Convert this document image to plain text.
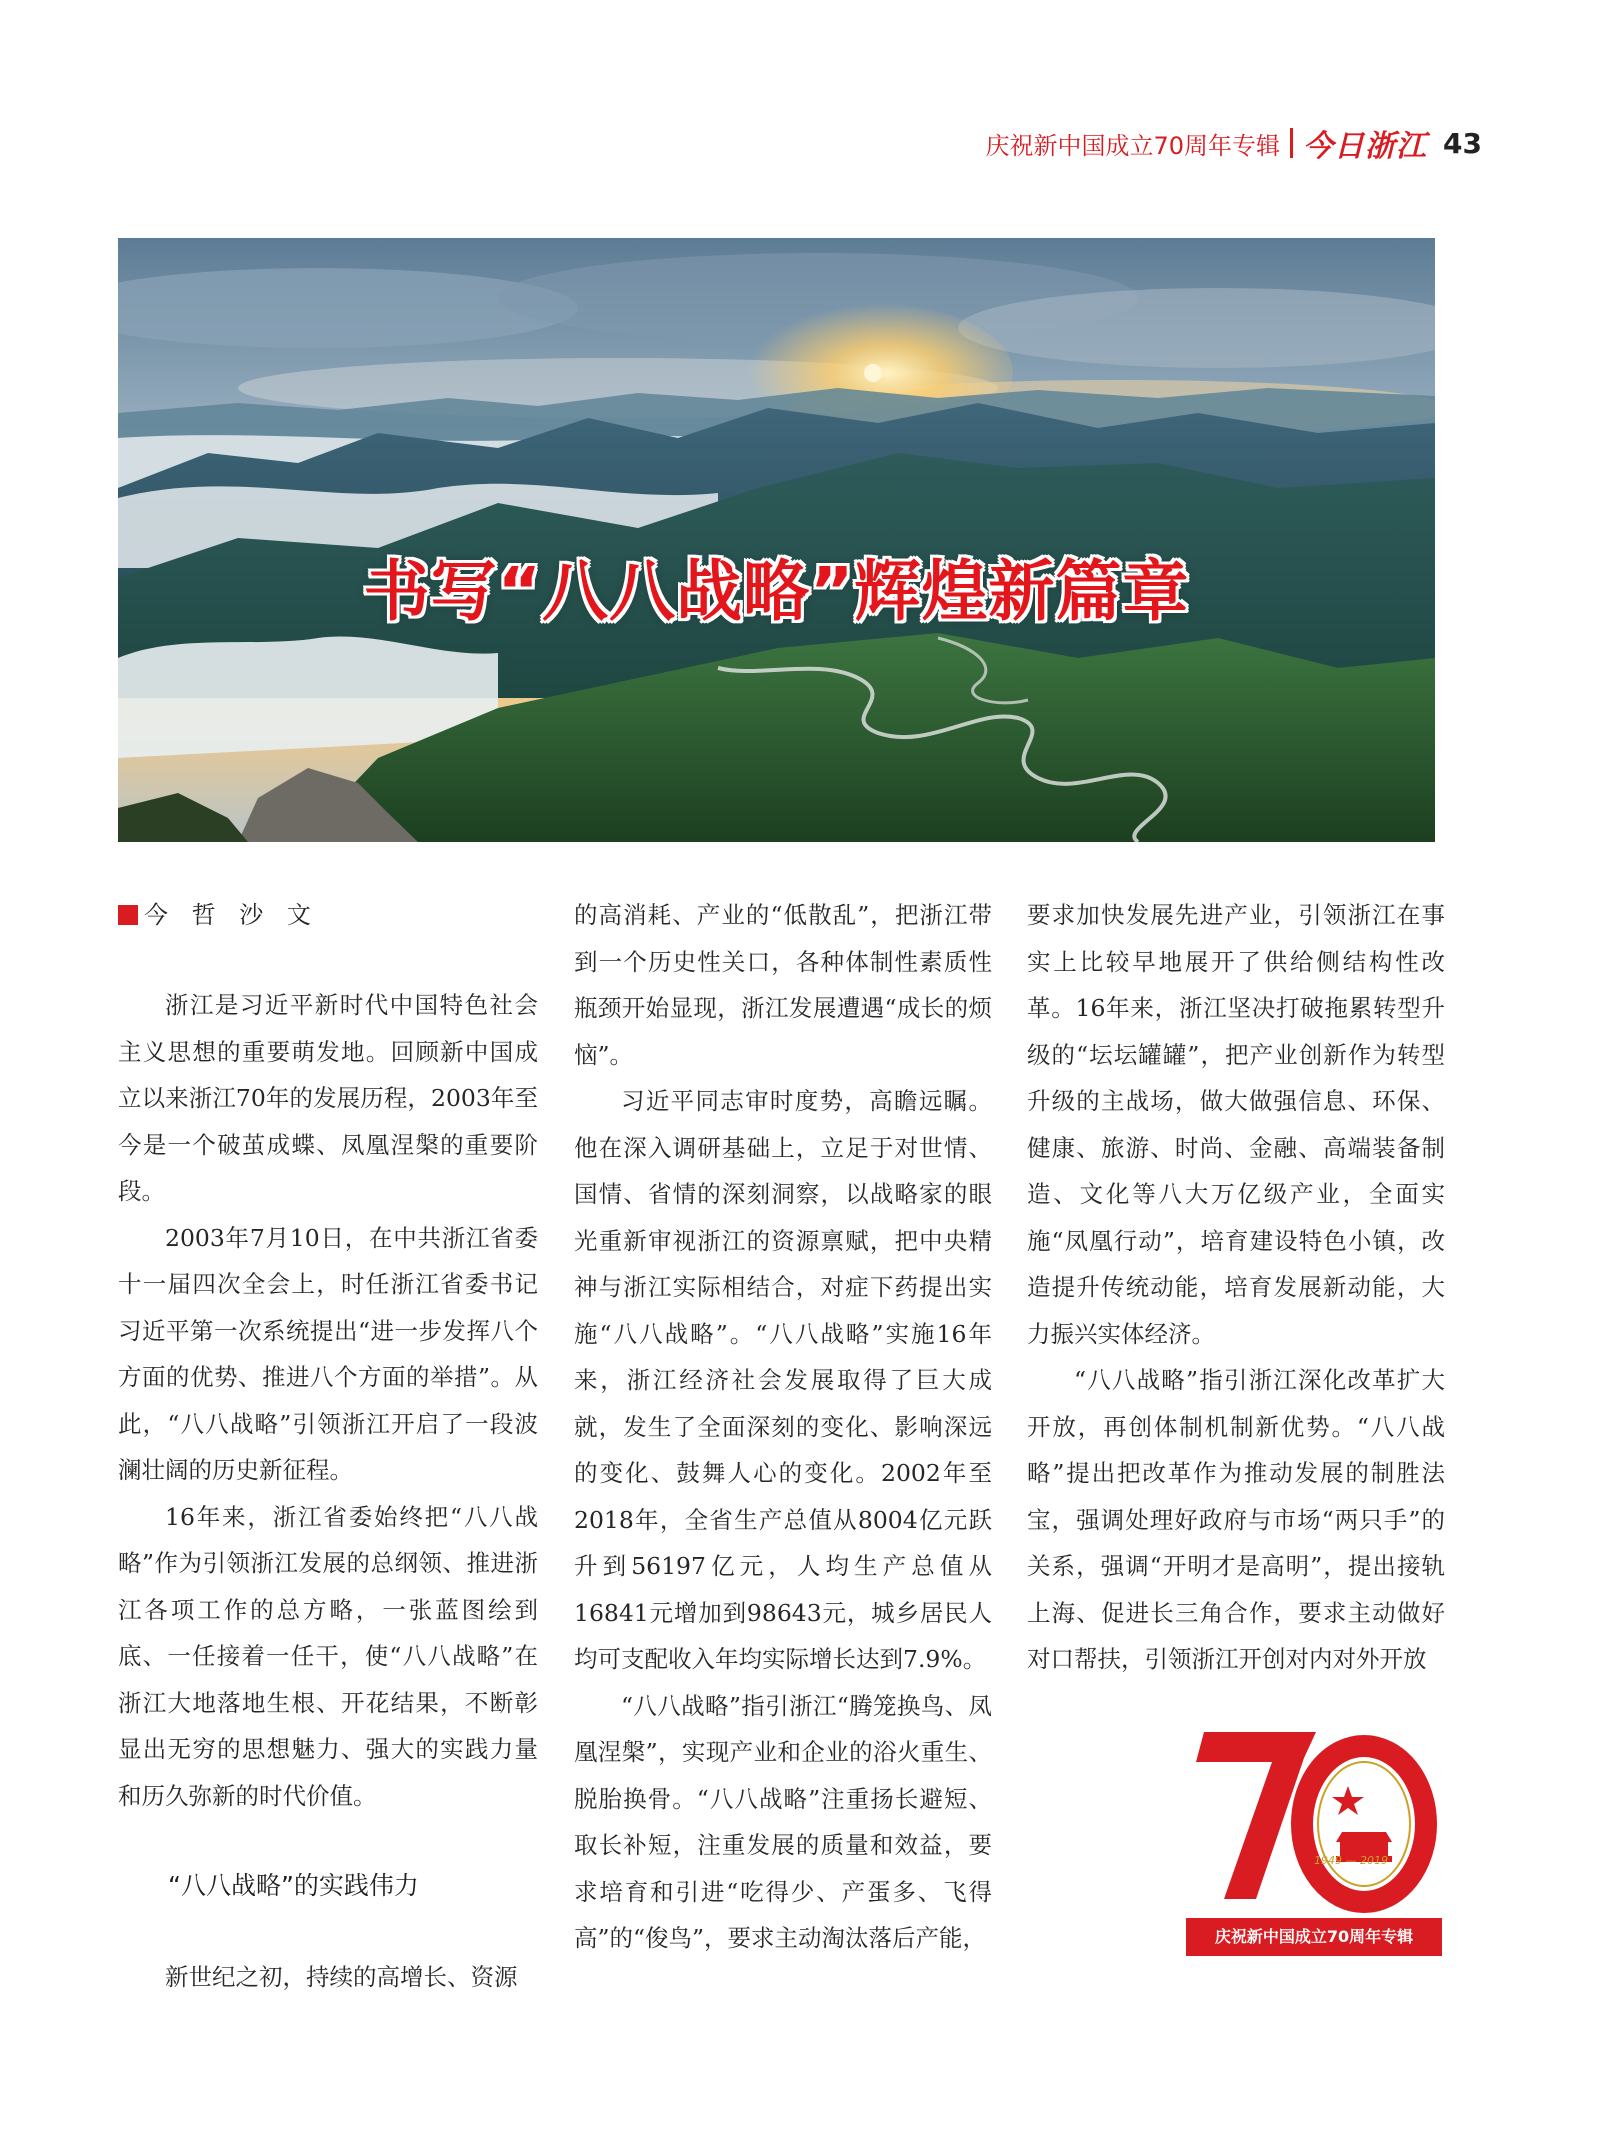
庆祝新中国成立70周年专辑 今日浙江 43
书写“八八战略”辉煌新篇章
今 哲 沙 文

浙江是习近平新时代中国特色社会主义思想的重要萌发地。回顾新中国成立以来浙江70年的发展历程，2003年至今是一个破茧成蝶、凤凰涅槃的重要阶段。

2003年7月10日，在中共浙江省委十一届四次全会上，时任浙江省委书记习近平第一次系统提出“进一步发挥八个方面的优势、推进八个方面的举措”。从此，“八八战略”引领浙江开启了一段波澜壮阔的历史新征程。

16年来，浙江省委始终把“八八战略”作为引领浙江发展的总纲领、推进浙江各项工作的总方略，一张蓝图绘到底、一任接着一任干，使“八八战略”在浙江大地落地生根、开花结果，不断彰显出无穷的思想魅力、强大的实践力量和历久弥新的时代价值。

“八八战略”的实践伟力

新世纪之初，持续的高增长、资源

的高消耗、产业的“低散乱”，把浙江带到一个历史性关口，各种体制性素质性瓶颈开始显现，浙江发展遭遇“成长的烦恼”。

习近平同志审时度势，高瞻远瞩。他在深入调研基础上，立足于对世情、国情、省情的深刻洞察，以战略家的眼光重新审视浙江的资源禀赋，把中央精神与浙江实际相结合，对症下药提出实施“八八战略”。“八八战略”实施16年来，浙江经济社会发展取得了巨大成就，发生了全面深刻的变化、影响深远的变化、鼓舞人心的变化。2002年至2018年，全省生产总值从8004亿元跃升到56197亿元，人均生产总值从16841元增加到98643元，城乡居民人均可支配收入年均实际增长达到7.9%。

“八八战略”指引浙江“腾笼换鸟、凤凰涅槃”，实现产业和企业的浴火重生、脱胎换骨。“八八战略”注重扬长避短、取长补短，注重发展的质量和效益，要求培育和引进“吃得少、产蛋多、飞得高”的“俊鸟”，要求主动淘汰落后产能，

要求加快发展先进产业，引领浙江在事实上比较早地展开了供给侧结构性改革。16年来，浙江坚决打破拖累转型升级的“坛坛罐罐”，把产业创新作为转型升级的主战场，做大做强信息、环保、健康、旅游、时尚、金融、高端装备制造、文化等八大万亿级产业，全面实施“凤凰行动”，培育建设特色小镇，改造提升传统动能，培育发展新动能，大力振兴实体经济。

“八八战略”指引浙江深化改革扩大开放，再创体制机制新优势。“八八战略”提出把改革作为推动发展的制胜法宝，强调处理好政府与市场“两只手”的关系，强调“开明才是高明”，提出接轨上海、促进长三角合作，要求主动做好对口帮扶，引领浙江开创对内对外开放

1949 — 2019
庆祝新中国成立70周年专辑
